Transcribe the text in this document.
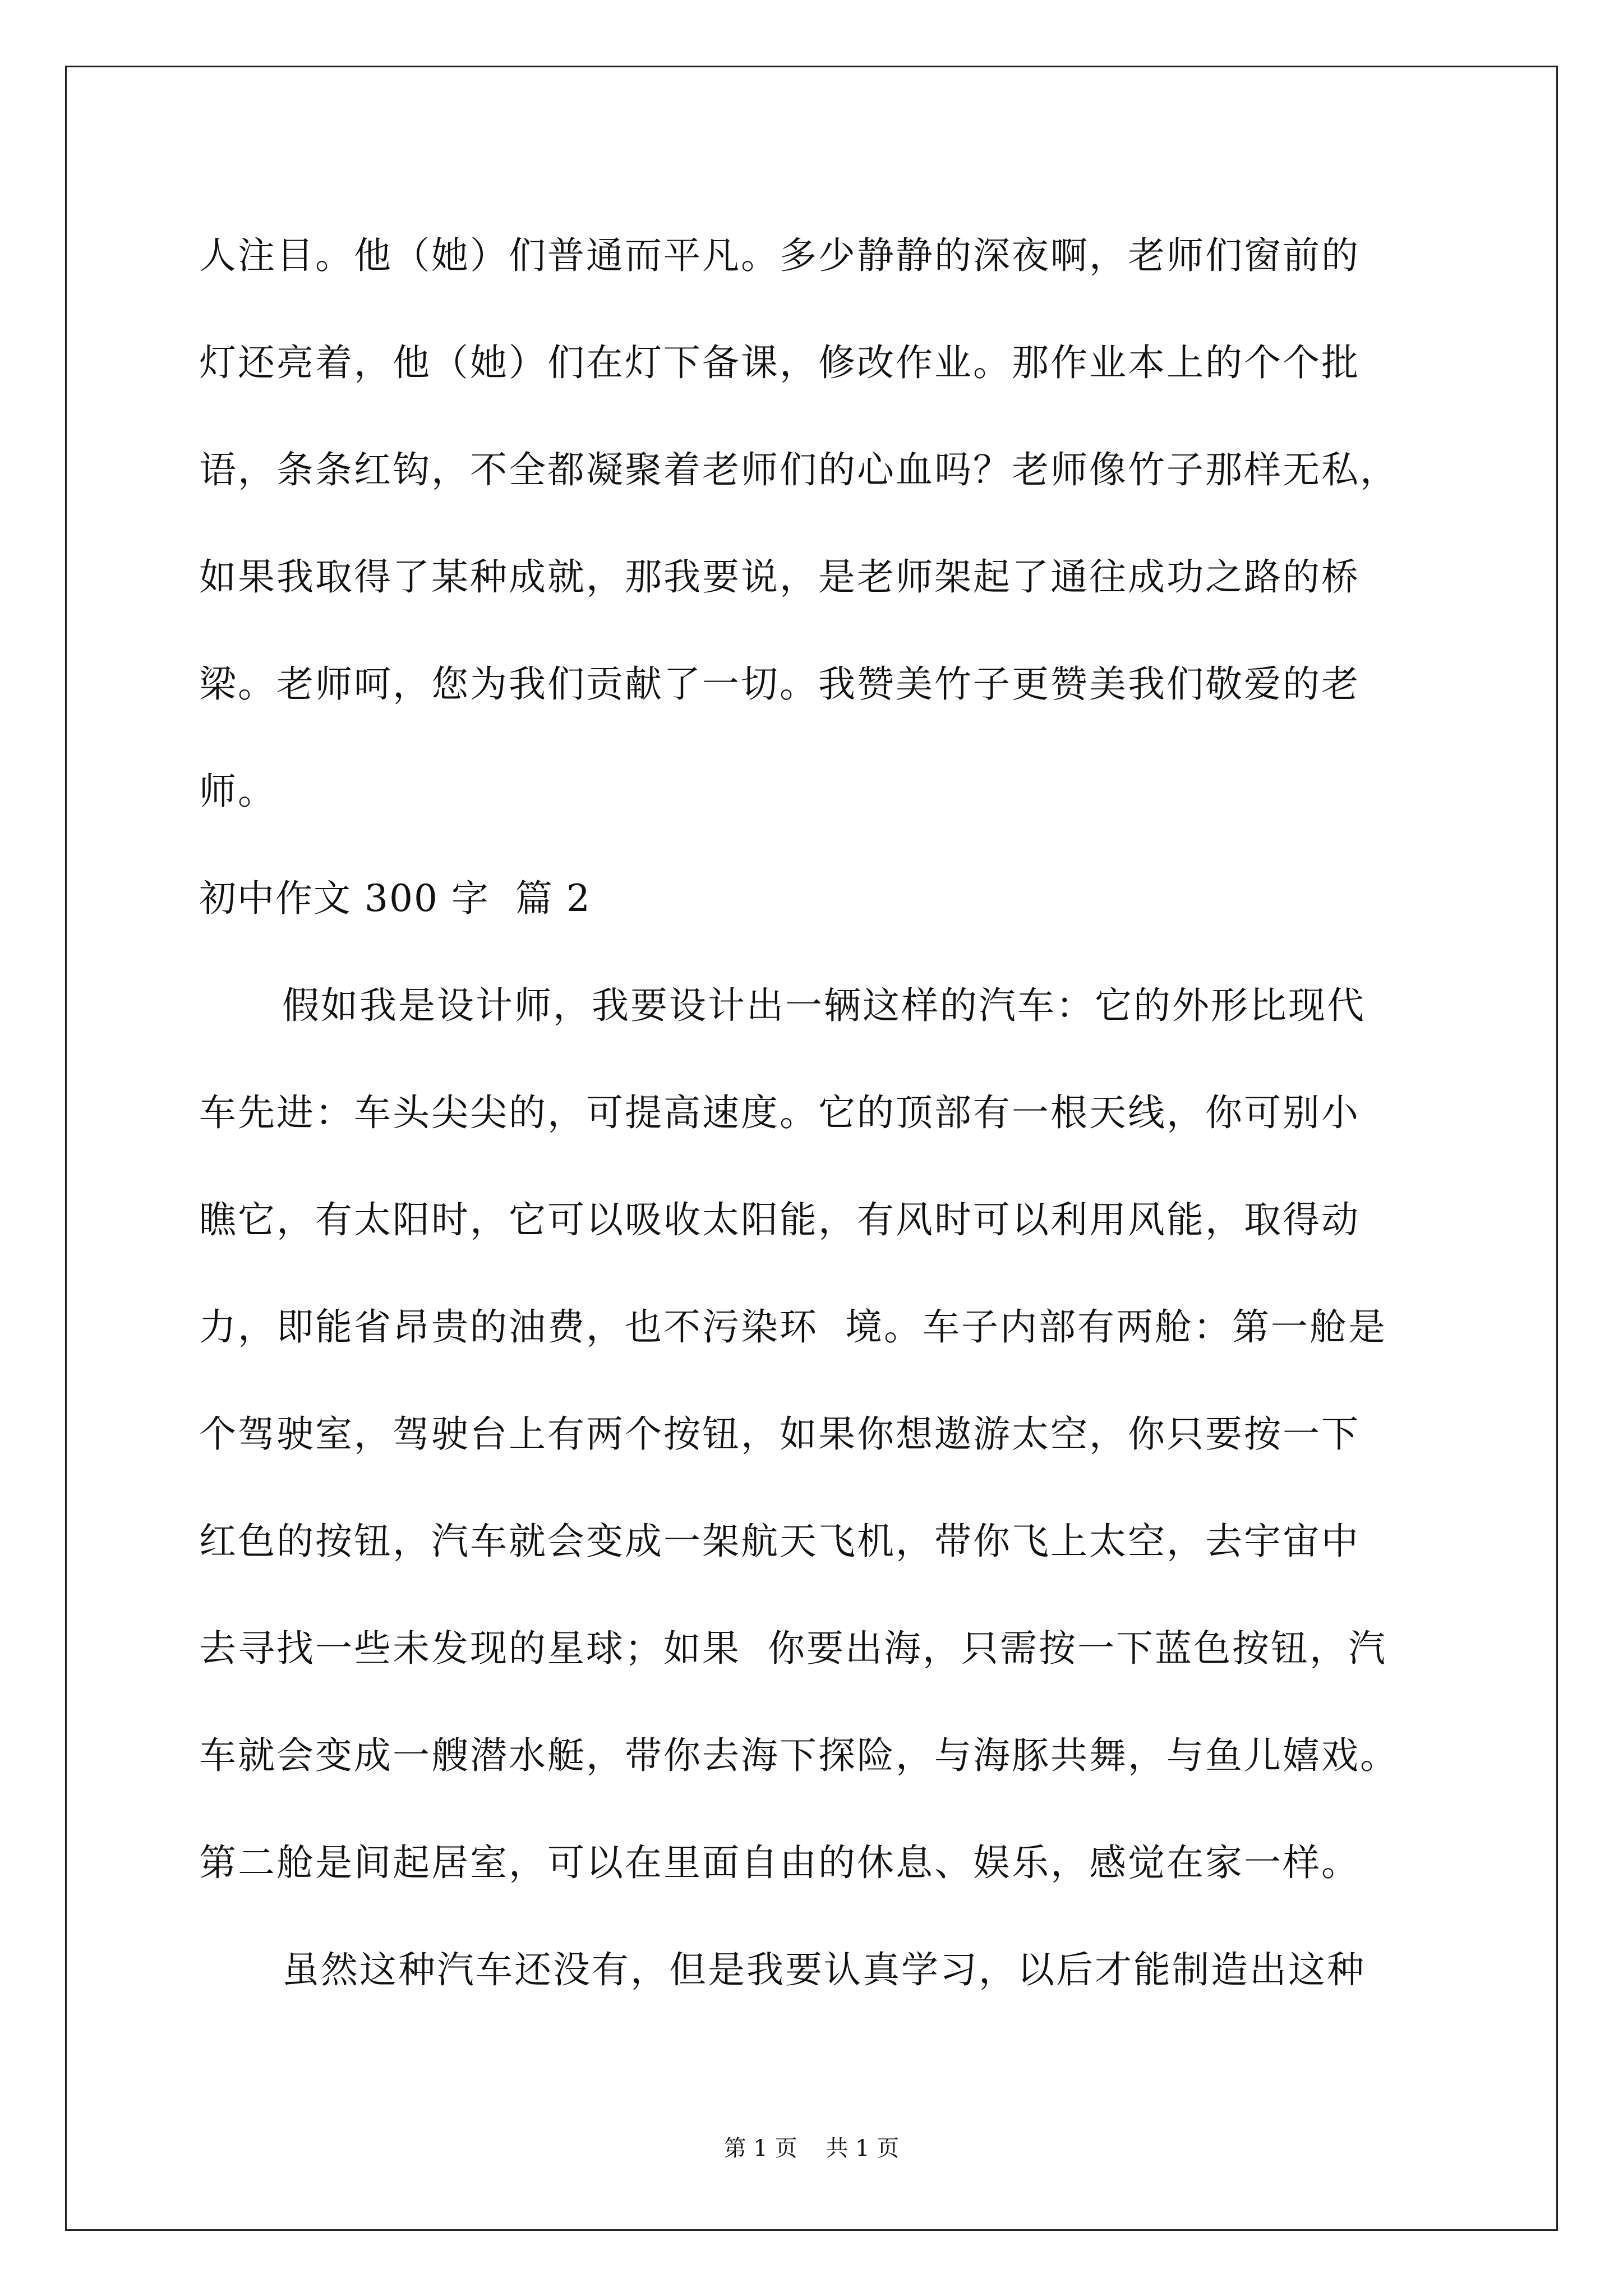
人注目。他（她）们普通而平凡。多少静静的深夜啊，老师们窗前的
灯还亮着，他（她）们在灯下备课，修改作业。那作业本上的个个批
语，条条红钩，不全都凝聚着老师们的心血吗？老师像竹子那样无私，
如果我取得了某种成就，那我要说，是老师架起了通往成功之路的桥
梁。老师呵，您为我们贡献了一切。我赞美竹子更赞美我们敬爱的老
师。
初中作文 300 字  篇 2
假如我是设计师，我要设计出一辆这样的汽车：它的外形比现代
车先进：车头尖尖的，可提高速度。它的顶部有一根天线，你可别小
瞧它，有太阳时，它可以吸收太阳能，有风时可以利用风能，取得动
力，即能省昂贵的油费，也不污染环  境。车子内部有两舱：第一舱是
个驾驶室，驾驶台上有两个按钮，如果你想遨游太空，你只要按一下
红色的按钮，汽车就会变成一架航天飞机，带你飞上太空，去宇宙中
去寻找一些未发现的星球；如果  你要出海，只需按一下蓝色按钮，汽
车就会变成一艘潜水艇，带你去海下探险，与海豚共舞，与鱼儿嬉戏。
第二舱是间起居室，可以在里面自由的休息、娱乐，感觉在家一样。
虽然这种汽车还没有，但是我要认真学习，以后才能制造出这种
第 1 页    共 1 页
